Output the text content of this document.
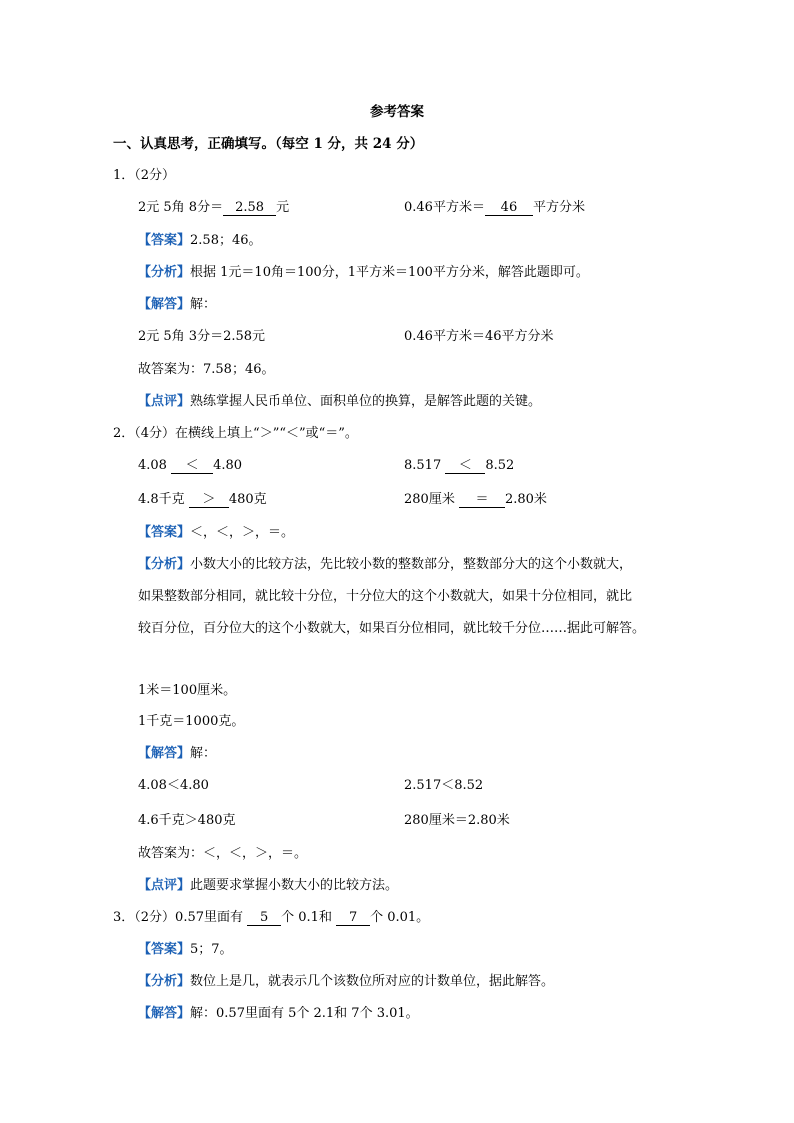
参考答案
一、认真思考，正确填写。（每空 1 分，共 24 分）
1．（2分）
2元 5角 8分＝ 2.58 元	0.46平方米＝ 46 平方分米
【答案】2.58；46。
【分析】根据 1元＝10角＝100分，1平方米＝100平方分米，解答此题即可。
【解答】解：
2元 5角 3分＝2.58元	0.46平方米＝46平方分米
故答案为：7.58；46。
【点评】熟练掌握人民币单位、面积单位的换算，是解答此题的关键。
2．（4分）在横线上填上“＞”“＜”或“＝”。
4.08 ＜ 4.80	8.517 ＜ 8.52
4.8千克 ＞ 480克	280厘米 ＝ 2.80米
【答案】＜，＜，＞，＝。
【分析】小数大小的比较方法，先比较小数的整数部分，整数部分大的这个小数就大，
如果整数部分相同，就比较十分位，十分位大的这个小数就大，如果十分位相同，就比
较百分位，百分位大的这个小数就大，如果百分位相同，就比较千分位……据此可解答。
1米＝100厘米。
1千克＝1000克。
【解答】解：
4.08＜4.80	2.517＜8.52
4.6千克＞480克	280厘米＝2.80米
故答案为：＜，＜，＞，＝。
【点评】此题要求掌握小数大小的比较方法。
3．（2分）0.57里面有 5 个 0.1和 7 个 0.01。
【答案】5；7。
【分析】数位上是几，就表示几个该数位所对应的计数单位，据此解答。
【解答】解：0.57里面有 5个 2.1和 7个 3.01。
